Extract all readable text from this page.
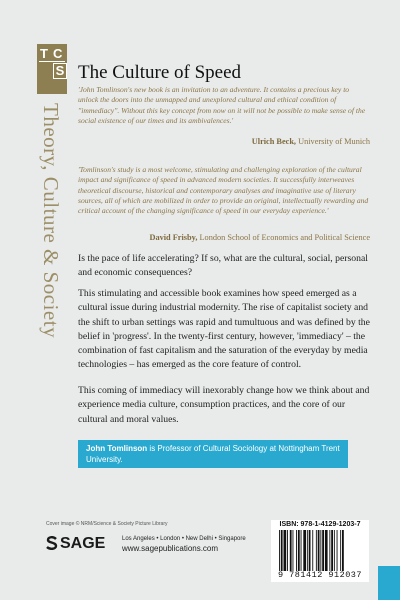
T C
S
Theory, Culture & Society
The Culture of Speed
'John Tomlinson's new book is an invitation to an adventure. It contains a precious key to unlock the doors into the unmapped and unexplored cultural and ethical condition of ''immediacy''. Without this key concept from now on it will not be possible to make sense of the social existence of our times and its ambivalences.'
Ulrich Beck, University of Munich
'Tomlinson's study is a most welcome, stimulating and challenging exploration of the cultural impact and significance of speed in advanced modern societies. It successfully interweaves theoretical discourse, historical and contemporary analyses and imaginative use of literary sources, all of which are mobilized in order to provide an original, intellectually rewarding and critical account of the changing significance of speed in our everyday experience.'
David Frisby, London School of Economics and Political Science
Is the pace of life accelerating? If so, what are the cultural, social, personal and economic consequences?
This stimulating and accessible book examines how speed emerged as a cultural issue during industrial modernity. The rise of capitalist society and the shift to urban settings was rapid and tumultuous and was defined by the belief in 'progress'. In the twenty-first century, however, 'immediacy' – the combination of fast capitalism and the saturation of the everyday by media technologies – has emerged as the core feature of control.
This coming of immediacy will inexorably change how we think about and experience media culture, consumption practices, and the core of our cultural and moral values.
John Tomlinson is Professor of Cultural Sociology at Nottingham Trent University.
Cover image © NRM/Science & Society Picture Library
SAGE	Los Angeles • London • New Delhi • Singapore
www.sagepublications.com
ISBN: 978-1-4129-1203-7
9 781412 912037
